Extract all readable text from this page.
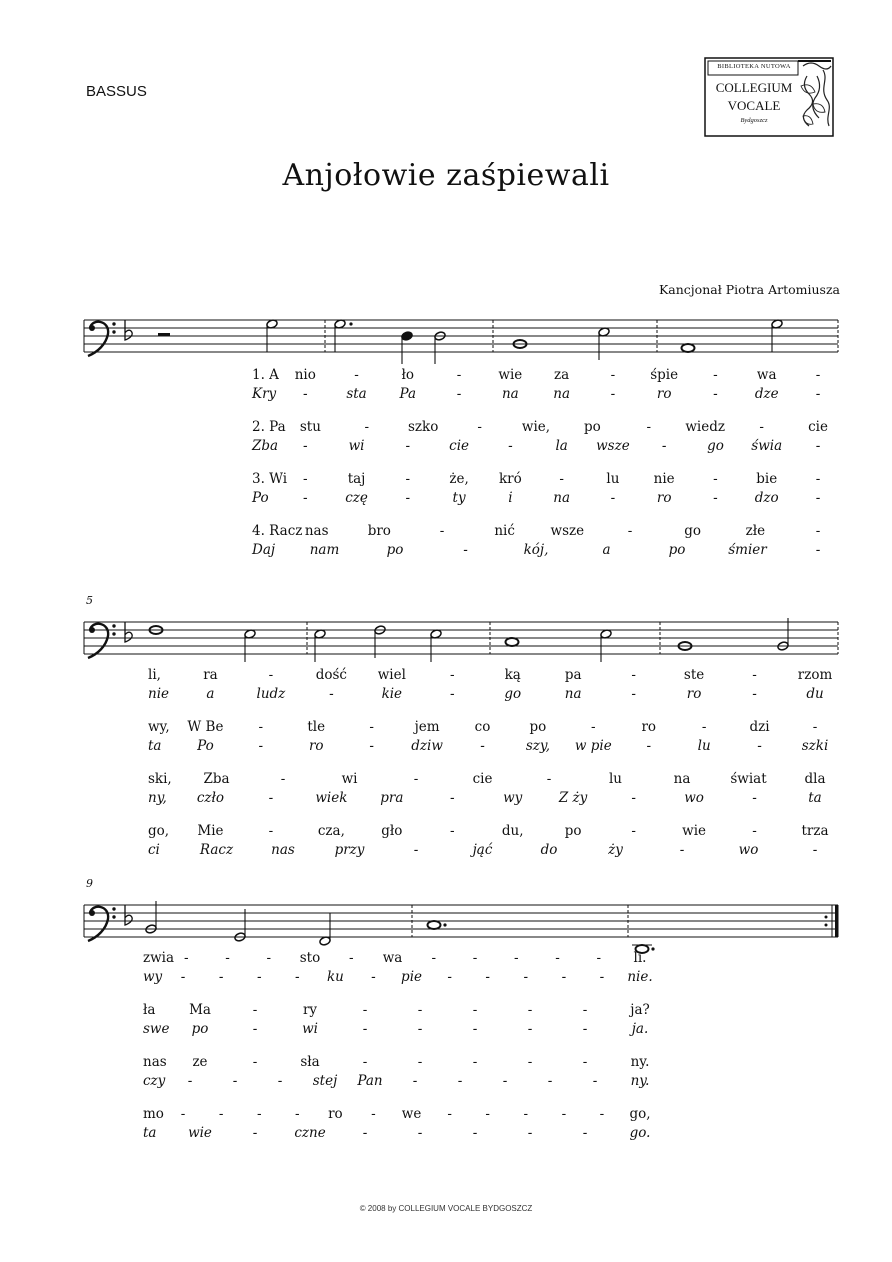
BASSUS
BIBLIOTEKA NUTOWA
COLLEGIUM
VOCALE
Bydgoszcz
Anjołowie zaśpiewali
Kancjonał Piotra Artomiusza
5
9
1. A nio	-	ło	-	wie za	-	śpie	-	wa	-
Kry -	sta Pa	-	na	na	-	ro	-	dze	-
2. Pa stu	-	szko	-	wie,	po	-	wiedz	-	cie
Zba -	wi	-	cie	-	la wsze -	go świa -
3. Wi -	taj	-	że, kró	-	lu	nie	-	bie	-
Po	-	czę	-	ty	i	na	-	ro	-	dzo	-
4. Racz nas	bro	-	nić	wsze	-	go	złe	-
Daj	nam	po	-	kój,	a	po	śmier	-
li,	ra	-	dość wiel	-	ką	pa	-	ste	-	rzom
nie	a	ludz	-	kie	-	go	na	-	ro	-	du
wy, W Be	-	tle	-	jem	co	po	-	ro	-	dzi	-
ta	Po	-	ro	-	dziw	-	szy, w pie	-	lu	-	szki
ski, Zba	-	wi	-	cie	-	lu	na	świat	dla
ny, czło	-	wiek pra	-	wy	Z żу	-	wo	-	ta
go, Mie	-	cza,	gło	-	du,	po	-	wie	-	trza
ci	Racz	nas	przy	-	jąć	do	ży	-	wo	-
zwia -	-	- sto - wa -	-	-	-	- li.
wy - - - - ku - pie - - - - - nie.
ła Ma	-	ry	-	-	-	-	-	ja?
swe po	-	wi	-	-	-	-	-	ja.
nas ze	-	sła	-	-	-	-	-	ny.
czy -	-	- stej Pan -	-	-	-	- ny.
mo - - - - ro - we - - - - - go,
ta wie	-	czne	-	-	-	-	-	go.
© 2008 by COLLEGIUM VOCALE BYDGOSZCZ
